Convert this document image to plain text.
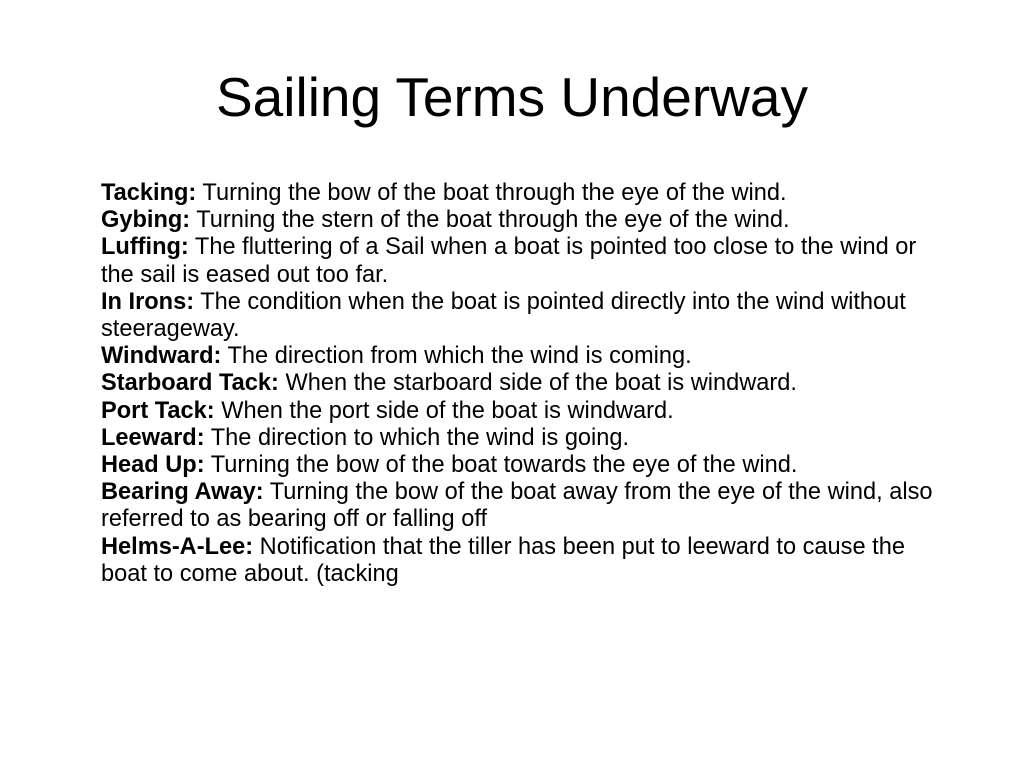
Sailing Terms Underway

Tacking: Turning the bow of the boat through the eye of the wind.

Gybing: Turning the stern of the boat through the eye of the wind.

Luffing: The fluttering of a Sail when a boat is pointed too close to the wind or the sail is eased out too far.

In Irons: The condition when the boat is pointed directly into the wind without steerageway.

Windward: The direction from which the wind is coming.

Starboard Tack: When the starboard side of the boat is windward.

Port Tack: When the port side of the boat is windward.

Leeward: The direction to which the wind is going.

Head Up: Turning the bow of the boat towards the eye of the wind.

Bearing Away: Turning the bow of the boat away from the eye of the wind, also referred to as bearing off or falling off

Helms-A-Lee: Notification that the tiller has been put to leeward to cause the boat to come about. (tacking
